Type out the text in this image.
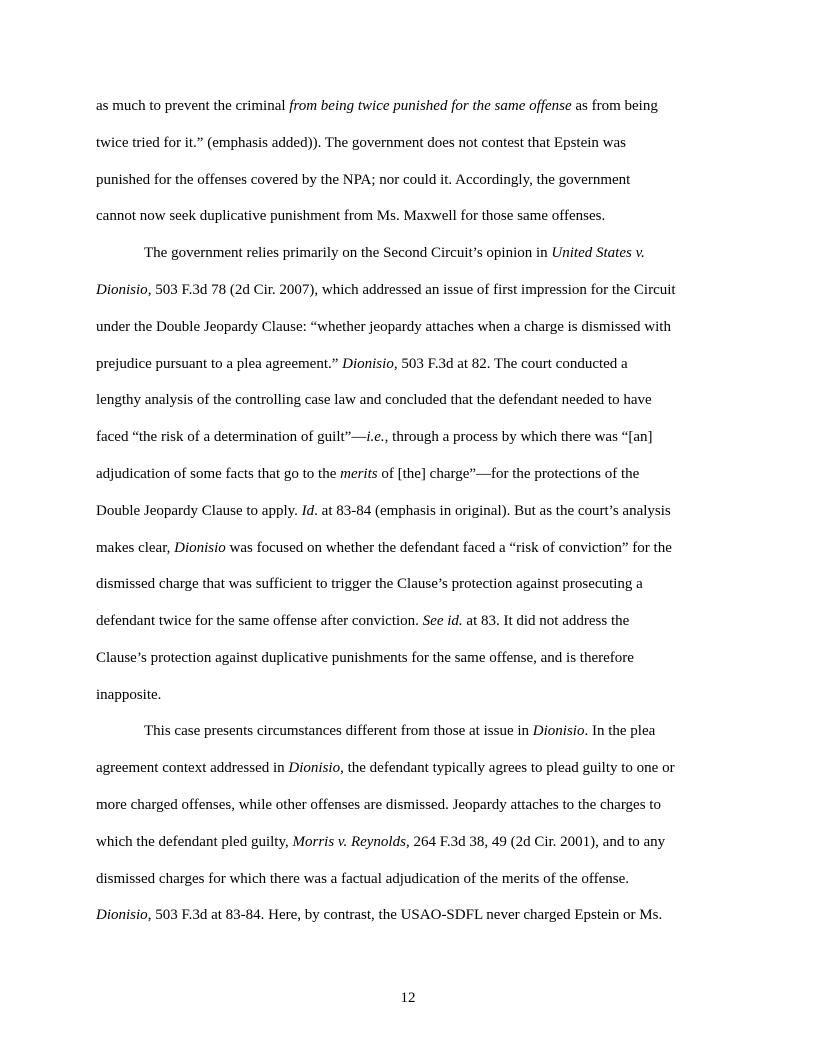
as much to prevent the criminal from being twice punished for the same offense as from being
twice tried for it.” (emphasis added)). The government does not contest that Epstein was
punished for the offenses covered by the NPA; nor could it. Accordingly, the government
cannot now seek duplicative punishment from Ms. Maxwell for those same offenses.
The government relies primarily on the Second Circuit’s opinion in United States v.
Dionisio, 503 F.3d 78 (2d Cir. 2007), which addressed an issue of first impression for the Circuit
under the Double Jeopardy Clause: “whether jeopardy attaches when a charge is dismissed with
prejudice pursuant to a plea agreement.” Dionisio, 503 F.3d at 82. The court conducted a
lengthy analysis of the controlling case law and concluded that the defendant needed to have
faced “the risk of a determination of guilt”—i.e., through a process by which there was “[an]
adjudication of some facts that go to the merits of [the] charge”—for the protections of the
Double Jeopardy Clause to apply. Id. at 83-84 (emphasis in original). But as the court’s analysis
makes clear, Dionisio was focused on whether the defendant faced a “risk of conviction” for the
dismissed charge that was sufficient to trigger the Clause’s protection against prosecuting a
defendant twice for the same offense after conviction. See id. at 83. It did not address the
Clause’s protection against duplicative punishments for the same offense, and is therefore
inapposite.
This case presents circumstances different from those at issue in Dionisio. In the plea
agreement context addressed in Dionisio, the defendant typically agrees to plead guilty to one or
more charged offenses, while other offenses are dismissed. Jeopardy attaches to the charges to
which the defendant pled guilty, Morris v. Reynolds, 264 F.3d 38, 49 (2d Cir. 2001), and to any
dismissed charges for which there was a factual adjudication of the merits of the offense.
Dionisio, 503 F.3d at 83-84. Here, by contrast, the USAO-SDFL never charged Epstein or Ms.
12
